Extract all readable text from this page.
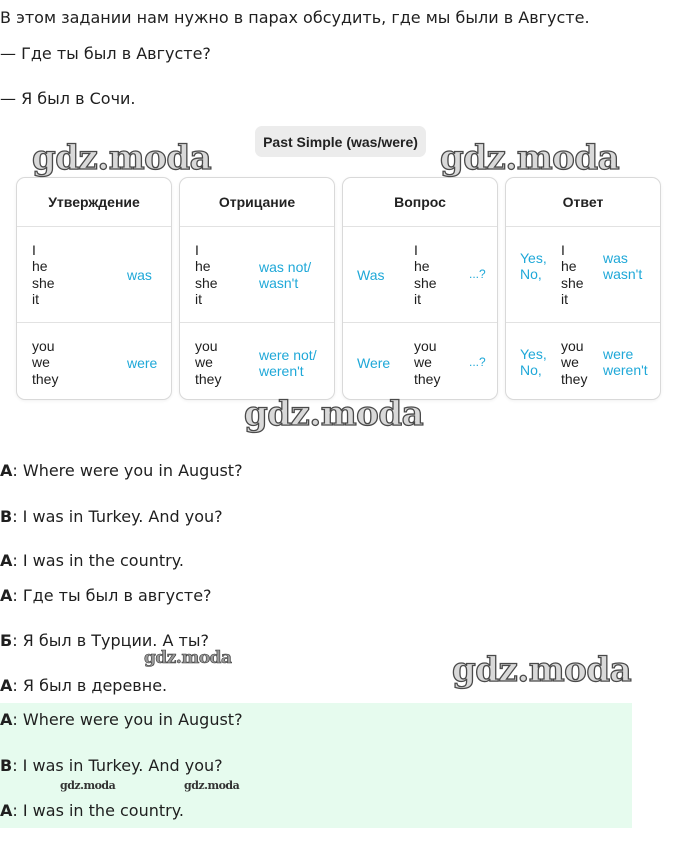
В этом задании нам нужно в парах обсудить, где мы были в Августе.
— Где ты был в Августе?
— Я был в Сочи.
Past Simple (was/were)
Утверждение
I
he
she
it
was
you
we
they
were
Отрицание
I
he
she
it
was not/
wasn't
you
we
they
were not/
weren't
Вопрос
Was
I
he
she
it
...?
Were
you
we
they
...?
Ответ
Yes,
No,
I
he
she
it
was
wasn't
Yes,
No,
you
we
they
were
weren't
A: Where were you in August?
B: I was in Turkey. And you?
A: I was in the country.
А: Где ты был в августе?
Б: Я был в Турции. А ты?
А: Я был в деревне.
A: Where were you in August?
B: I was in Turkey. And you?
A: I was in the country.
gdz.moda	gdz.moda
gdz.moda
gdz.moda
gdz.moda
gdz.moda	gdz.moda
